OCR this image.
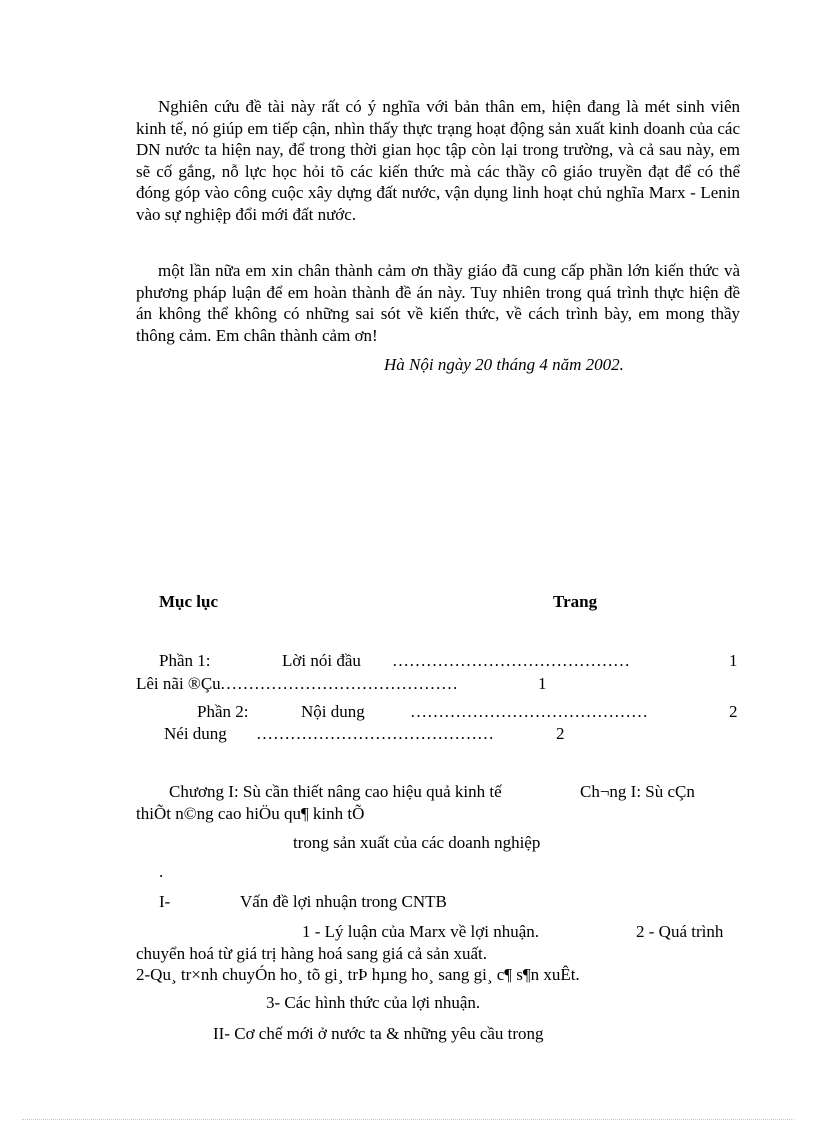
Nghiên cứu đề tài này rất có ý nghĩa với bản thân em, hiện đang là mét sinh viên kinh tế, nó giúp em tiếp cận, nhìn thấy thực trạng hoạt động sản xuất kinh doanh của các DN nước ta hiện nay, để trong thời gian học tập còn lại trong trường, và cả sau này, em sẽ cố gắng, nỗ lực học hỏi tõ các kiến thức mà các thầy cô giáo truyền đạt để có thể đóng góp vào công cuộc xây dựng đất nước, vận dụng linh hoạt chủ nghĩa Marx - Lenin vào sự nghiệp đổi mới đất nước.

một lần nữa em xin chân thành cảm ơn thầy giáo đã cung cấp phần lớn kiến thức và phương pháp luận để em hoàn thành đề án này. Tuy nhiên trong quá trình thực hiện đề án không thể không có những sai sót về kiến thức, về cách trình bày, em mong thầy thông cảm. Em chân thành cảm ơn!

Hà Nội ngày 20 tháng 4 năm 2002.
Mục lục	Trang
Phần 1:	Lời nói đầu ……………………………………	1
Lêi nãi ®Çu ……………………………………	1
Phần 2:	Nội dung	……………………………………	2
Néi dung ……………………………………	2
Chương I: Sù cần thiết nâng cao hiệu quả kinh tế	Ch¬ng I: Sù cÇn
thiÕt n©ng cao hiÖu qu¶ kinh tÕ
trong sản xuất của các doanh nghiệp
.
I-	Vấn đề lợi nhuận trong CNTB
1 - Lý luận của Marx về lợi nhuận.	2 - Quá trình
chuyển hoá từ giá trị hàng hoá sang giá cả sản xuất.
2-Qu¸ tr×nh chuyÓn ho¸ tõ gi¸ trÞ hµng ho¸ sang gi¸ c¶ s¶n xuÊt.
3- Các hình thức của lợi nhuận.
II- Cơ chế mới ở nước ta & những yêu cầu trong
